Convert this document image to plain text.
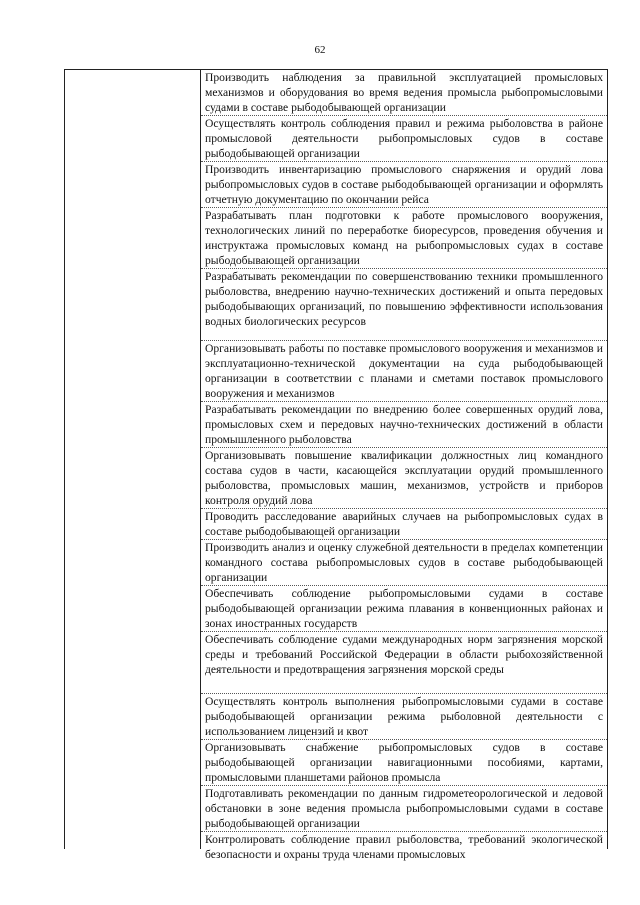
62
Производить наблюдения за правильной эксплуатацией промысловых механизмов и оборудования во время ведения промысла рыбопромысловыми судами в составе рыбодобывающей организации
Осуществлять контроль соблюдения правил и режима рыболовства в районе промысловой деятельности рыбопромысловых судов в составе рыбодобывающей организации
Производить инвентаризацию промыслового снаряжения и орудий лова рыбопромысловых судов в составе рыбодобывающей организации и оформлять отчетную документацию по окончании рейса
Разрабатывать план подготовки к работе промыслового вооружения, технологических линий по переработке биоресурсов, проведения обучения и инструктажа промысловых команд на рыбопромысловых судах в составе рыбодобывающей организации
Разрабатывать рекомендации по совершенствованию техники промышленного рыболовства, внедрению научно-технических достижений и опыта передовых рыбодобывающих организаций, по повышению эффективности использования водных биологических ресурсов
Организовывать работы по поставке промыслового вооружения и механизмов и эксплуатационно-технической документации на суда рыбодобывающей организации в соответствии с планами и сметами поставок промыслового вооружения и механизмов
Разрабатывать рекомендации по внедрению более совершенных орудий лова, промысловых схем и передовых научно-технических достижений в области промышленного рыболовства
Организовывать повышение квалификации должностных лиц командного состава судов в части, касающейся эксплуатации орудий промышленного рыболовства, промысловых машин, механизмов, устройств и приборов контроля орудий лова
Проводить расследование аварийных случаев на рыбопромысловых судах в составе рыбодобывающей организации
Производить анализ и оценку служебной деятельности в пределах компетенции командного состава рыбопромысловых судов в составе рыбодобывающей организации
Обеспечивать соблюдение рыбопромысловыми судами в составе рыбодобывающей организации режима плавания в конвенционных районах и зонах иностранных государств
Обеспечивать соблюдение судами международных норм загрязнения морской среды и требований Российской Федерации в области рыбохозяйственной деятельности и предотвращения загрязнения морской среды
Осуществлять контроль выполнения рыбопромысловыми судами в составе рыбодобывающей организации режима рыболовной деятельности с использованием лицензий и квот
Организовывать снабжение рыбопромысловых судов в составе рыбодобывающей организации навигационными пособиями, картами, промысловыми планшетами районов промысла
Подготавливать рекомендации по данным гидрометеорологической и ледовой обстановки в зоне ведения промысла рыбопромысловыми судами в составе рыбодобывающей организации
Контролировать соблюдение правил рыболовства, требований экологической безопасности и охраны труда членами промысловых
